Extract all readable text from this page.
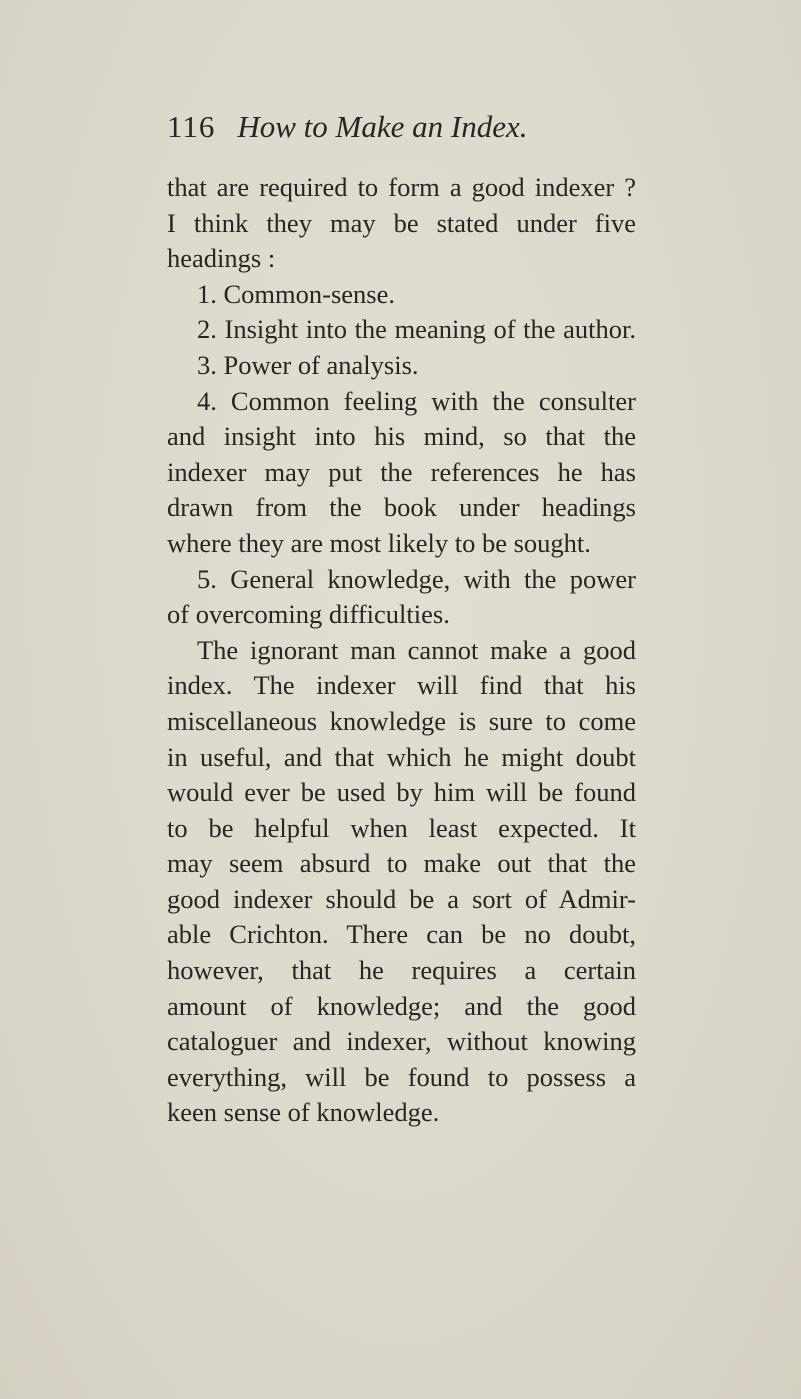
116 How to Make an Index.
that are required to form a good indexer ?
I think they may be stated under five
headings :
1. Common-sense.
2. Insight into the meaning of the author.
3. Power of analysis.
4. Common feeling with the consulter
and insight into his mind, so that the
indexer may put the references he has
drawn from the book under headings
where they are most likely to be sought.
5. General knowledge, with the power
of overcoming difficulties.
The ignorant man cannot make a good
index. The indexer will find that his
miscellaneous knowledge is sure to come
in useful, and that which he might doubt
would ever be used by him will be found
to be helpful when least expected. It
may seem absurd to make out that the
good indexer should be a sort of Admir-
able Crichton. There can be no doubt,
however, that he requires a certain
amount of knowledge; and the good
cataloguer and indexer, without knowing
everything, will be found to possess a
keen sense of knowledge.
